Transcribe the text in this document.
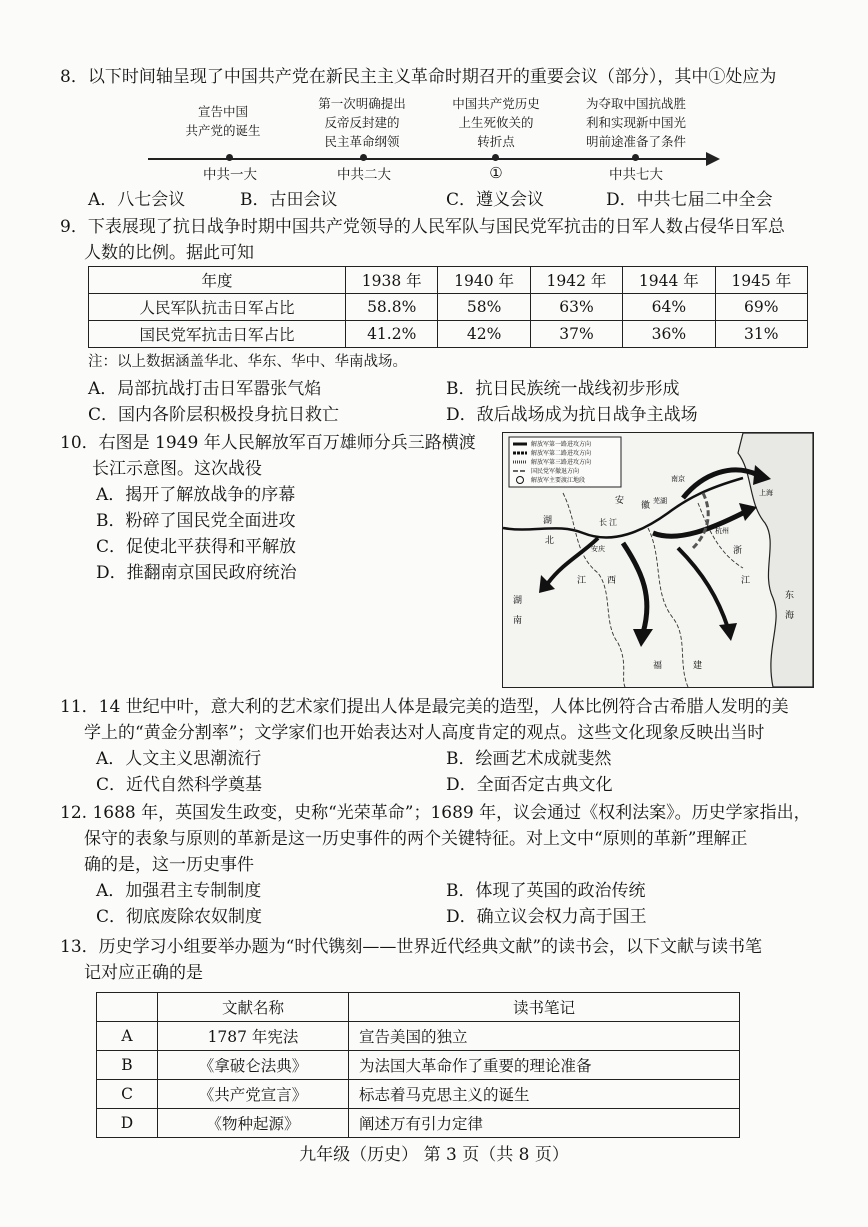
8．以下时间轴呈现了中国共产党在新民主主义革命时期召开的重要会议（部分），其中①处应为
宣告中国
共产党的诞生
第一次明确提出
反帝反封建的
民主革命纲领
中国共产党历史
上生死攸关的
转折点
为夺取中国抗战胜
利和实现新中国光
明前途准备了条件
中共一大	中共二大	①	中共七大
A．八七会议	B．古田会议	C．遵义会议	D．中共七届二中全会
9．下表展现了抗日战争时期中国共产党领导的人民军队与国民党军抗击的日军人数占侵华日军总
人数的比例。据此可知
年度	1938 年	1940 年	1942 年	1944 年	1945 年
人民军队抗击日军占比	58.8%	58%	63%	64%	69%
国民党军抗击日军占比	41.2%	42%	37%	36%	31%
注：以上数据涵盖华北、华东、华中、华南战场。
A．局部抗战打击日军嚣张气焰	B．抗日民族统一战线初步形成
C．国内各阶层积极投身抗日救亡	D．敌后战场成为抗日战争主战场
10．右图是 1949 年人民解放军百万雄师分兵三路横渡
长江示意图。这次战役
A．揭开了解放战争的序幕
B．粉碎了国民党全面进攻
C．促使北平获得和平解放
D．推翻南京国民政府统治
解放军第一路进攻方向
解放军第二路进攻方向
解放军第三路进攻方向
国民党军撤退方向
解放军主要渡江地段
安 徽
湖
北
江 西
湖
南
福	建
浙
江
东
海
长 江
南京
上海
杭州
芜湖
安庆
11．14 世纪中叶，意大利的艺术家们提出人体是最完美的造型，人体比例符合古希腊人发明的美
学上的“黄金分割率”；文学家们也开始表达对人高度肯定的观点。这些文化现象反映出当时
A．人文主义思潮流行	B．绘画艺术成就斐然
C．近代自然科学奠基	D．全面否定古典文化
12. 1688 年，英国发生政变，史称“光荣革命”；1689 年，议会通过《权利法案》。历史学家指出，
保守的表象与原则的革新是这一历史事件的两个关键特征。对上文中“原则的革新”理解正
确的是，这一历史事件
A．加强君主专制制度	B．体现了英国的政治传统
C．彻底废除农奴制度	D．确立议会权力高于国王
13．历史学习小组要举办题为“时代镌刻——世界近代经典文献”的读书会，以下文献与读书笔
记对应正确的是
	文献名称	读书笔记
A	1787 年宪法	宣告美国的独立
B	《拿破仑法典》	为法国大革命作了重要的理论准备
C	《共产党宣言》	标志着马克思主义的诞生
D	《物种起源》	阐述万有引力定律
九年级（历史） 第 3 页（共 8 页）
